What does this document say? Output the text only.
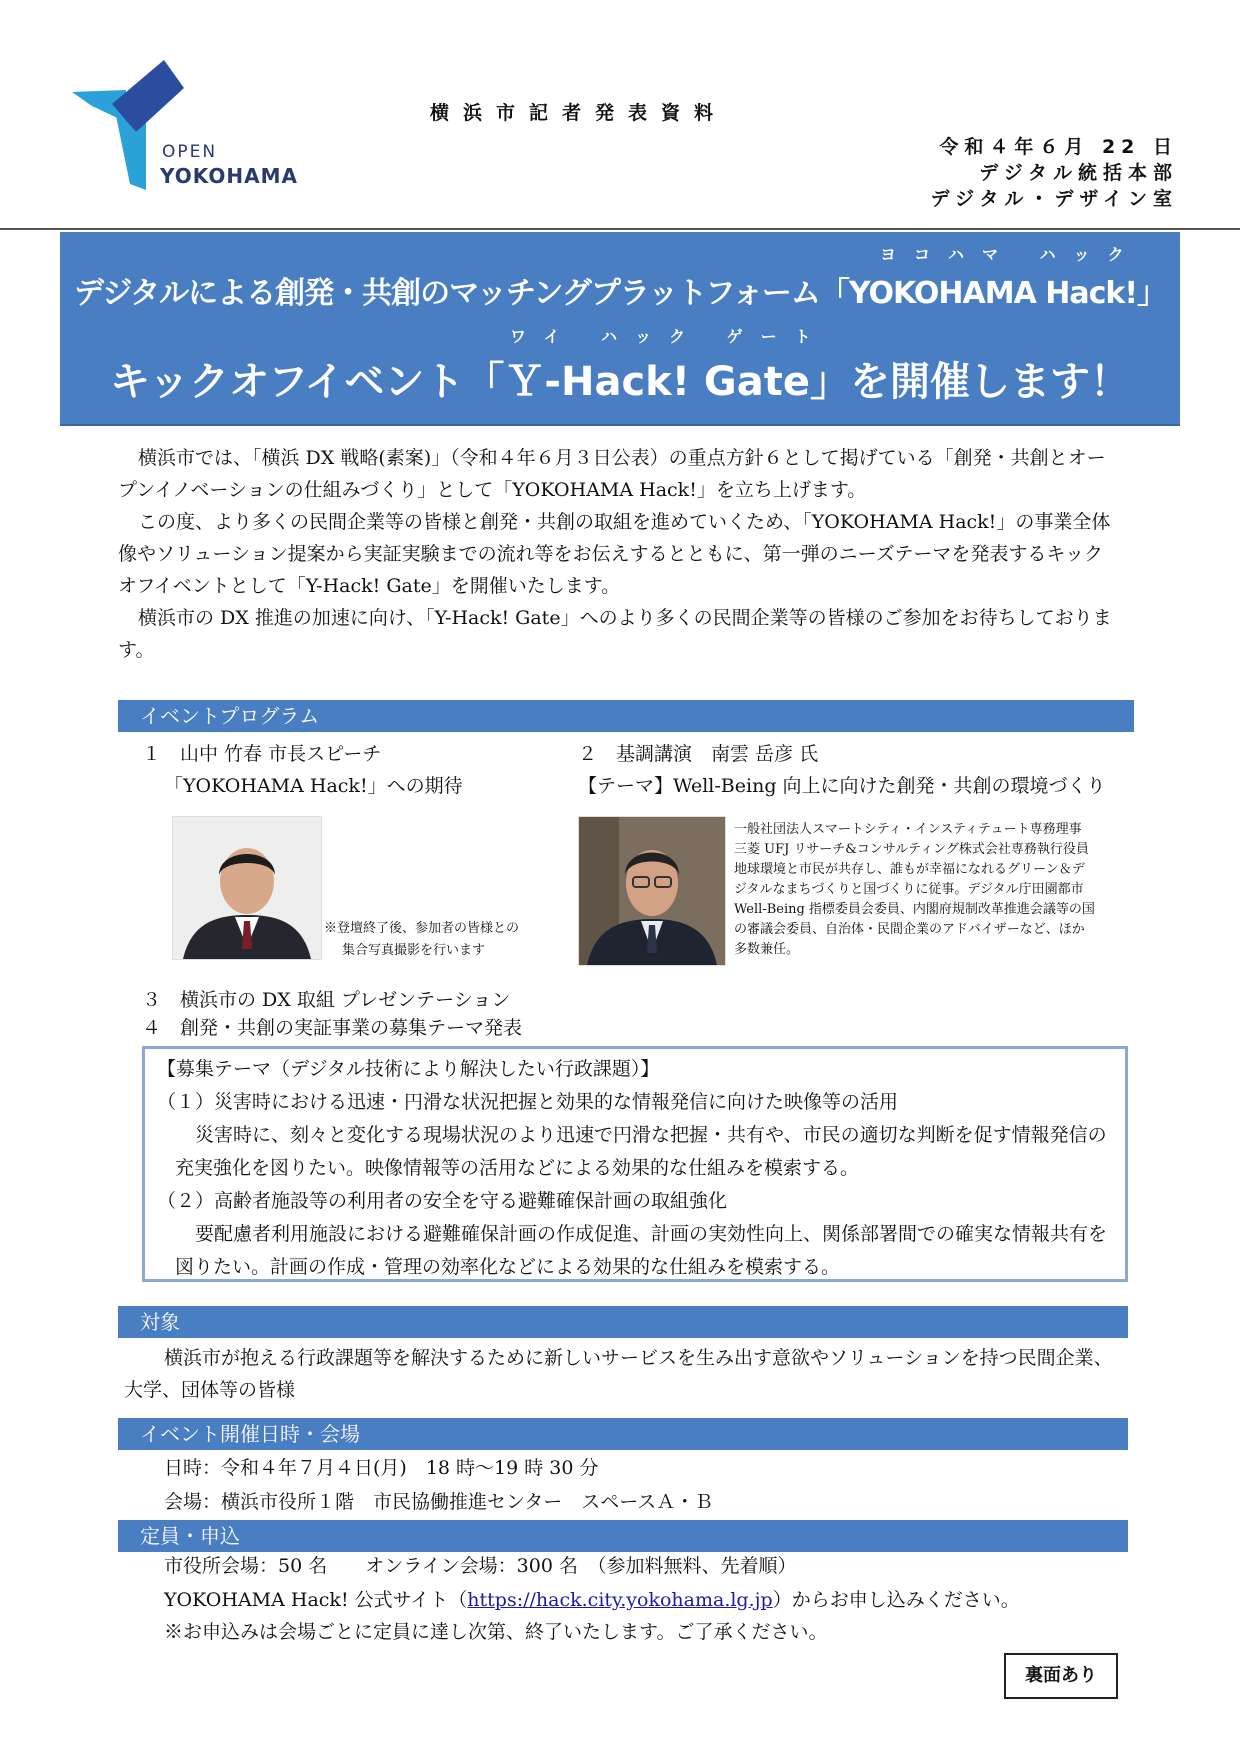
OPEN
YOKOHAMA
横浜市記者発表資料
令和４年６月 22 日
デジタル統括本部
デジタル・デザイン室
ヨコハマ ハック
デジタルによる創発・共創のマッチングプラットフォーム「YOKOHAMA Hack!」
ワイ ハック ゲート
キックオフイベント「Ｙ-Hack! Gate」を開催します！

横浜市では、「横浜 DX 戦略(素案)」（令和４年６月３日公表）の重点方針６として掲げている「創発・共創とオープンイノベーションの仕組みづくり」として「YOKOHAMA Hack!」を立ち上げます。

この度、より多くの民間企業等の皆様と創発・共創の取組を進めていくため、「YOKOHAMA Hack!」の事業全体像やソリューション提案から実証実験までの流れ等をお伝えするとともに、第一弾のニーズテーマを発表するキックオフイベントとして「Y-Hack! Gate」を開催いたします。

横浜市の DX 推進の加速に向け、「Y-Hack! Gate」へのより多くの民間企業等の皆様のご参加をお待ちしております。

イベントプログラム
１　山中 竹春 市長スピーチ
「YOKOHAMA Hack!」への期待
※登壇終了後、参加者の皆様との
集合写真撮影を行います
２　基調講演　南雲 岳彦 氏
【テーマ】Well-Being 向上に向けた創発・共創の環境づくり
一般社団法人スマートシティ・インスティテュート専務理事
三菱 UFJ リサーチ&コンサルティング株式会社専務執行役員
地球環境と市民が共存し、誰もが幸福になれるグリーン＆デ
ジタルなまちづくりと国づくりに従事。デジタル庁田園都市
Well-Being 指標委員会委員、内閣府規制改革推進会議等の国
の審議会委員、自治体・民間企業のアドバイザーなど、ほか
多数兼任。
３　横浜市の DX 取組 プレゼンテーション
４　創発・共創の実証事業の募集テーマ発表

【募集テーマ（デジタル技術により解決したい行政課題）】

（１）災害時における迅速・円滑な状況把握と効果的な情報発信に向けた映像等の活用

災害時に、刻々と変化する現場状況のより迅速で円滑な把握・共有や、市民の適切な判断を促す情報発信の充実強化を図りたい。映像情報等の活用などによる効果的な仕組みを模索する。

（２）高齢者施設等の利用者の安全を守る避難確保計画の取組強化

要配慮者利用施設における避難確保計画の作成促進、計画の実効性向上、関係部署間での確実な情報共有を図りたい。計画の作成・管理の効率化などによる効果的な仕組みを模索する。

対象
横浜市が抱える行政課題等を解決するために新しいサービスを生み出す意欲やソリューションを持つ民間企業、大学、団体等の皆様
イベント開催日時・会場
日時：令和４年７月４日(月)　18 時～19 時 30 分
会場：横浜市役所１階　市民協働推進センター　スペースＡ・Ｂ
定員・申込
市役所会場：50 名　　オンライン会場：300 名　（参加料無料、先着順）
YOKOHAMA Hack! 公式サイト（https://hack.city.yokohama.lg.jp）からお申し込みください。
※お申込みは会場ごとに定員に達し次第、終了いたします。ご了承ください。
裏面あり
